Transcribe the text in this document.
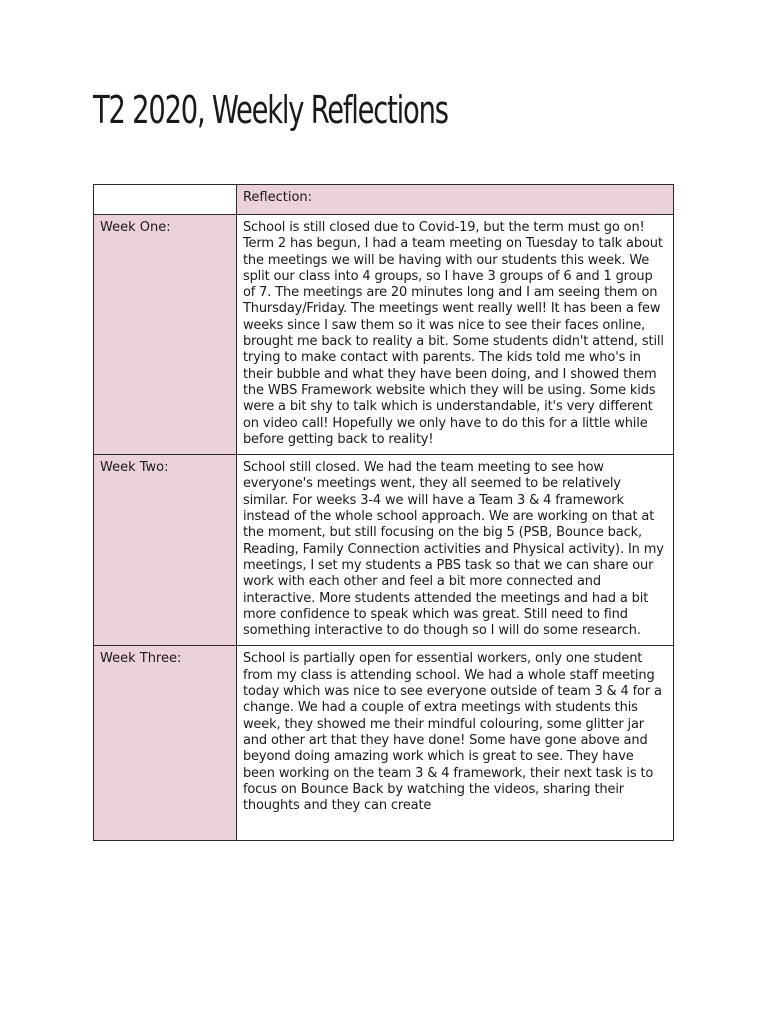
T2 2020, Weekly Reflections
	Reflection:
Week One:	School is still closed due to Covid-19, but the term must go on! Term 2 has begun, I had a team meeting on Tuesday to talk about the meetings we will be having with our students this week. We split our class into 4 groups, so I have 3 groups of 6 and 1 group of 7. The meetings are 20 minutes long and I am seeing them on Thursday/Friday. The meetings went really well! It has been a few weeks since I saw them so it was nice to see their faces online, brought me back to reality a bit. Some students didn't attend, still trying to make contact with parents. The kids told me who's in their bubble and what they have been doing, and I showed them the WBS Framework website which they will be using. Some kids were a bit shy to talk which is understandable, it's very different on video call! Hopefully we only have to do this for a little while before getting back to reality!
Week Two:	School still closed. We had the team meeting to see how everyone's meetings went, they all seemed to be relatively similar. For weeks 3-4 we will have a Team 3 & 4 framework instead of the whole school approach. We are working on that at the moment, but still focusing on the big 5 (PSB, Bounce back, Reading, Family Connection activities and Physical activity). In my meetings, I set my students a PBS task so that we can share our work with each other and feel a bit more connected and interactive. More students attended the meetings and had a bit more confidence to speak which was great. Still need to find something interactive to do though so I will do some research.
Week Three:	School is partially open for essential workers, only one student from my class is attending school. We had a whole staff meeting today which was nice to see everyone outside of team 3 & 4 for a change. We had a couple of extra meetings with students this week, they showed me their mindful colouring, some glitter jar and other art that they have done! Some have gone above and beyond doing amazing work which is great to see. They have been working on the team 3 & 4 framework, their next task is to focus on Bounce Back by watching the videos, sharing their thoughts and they can create
